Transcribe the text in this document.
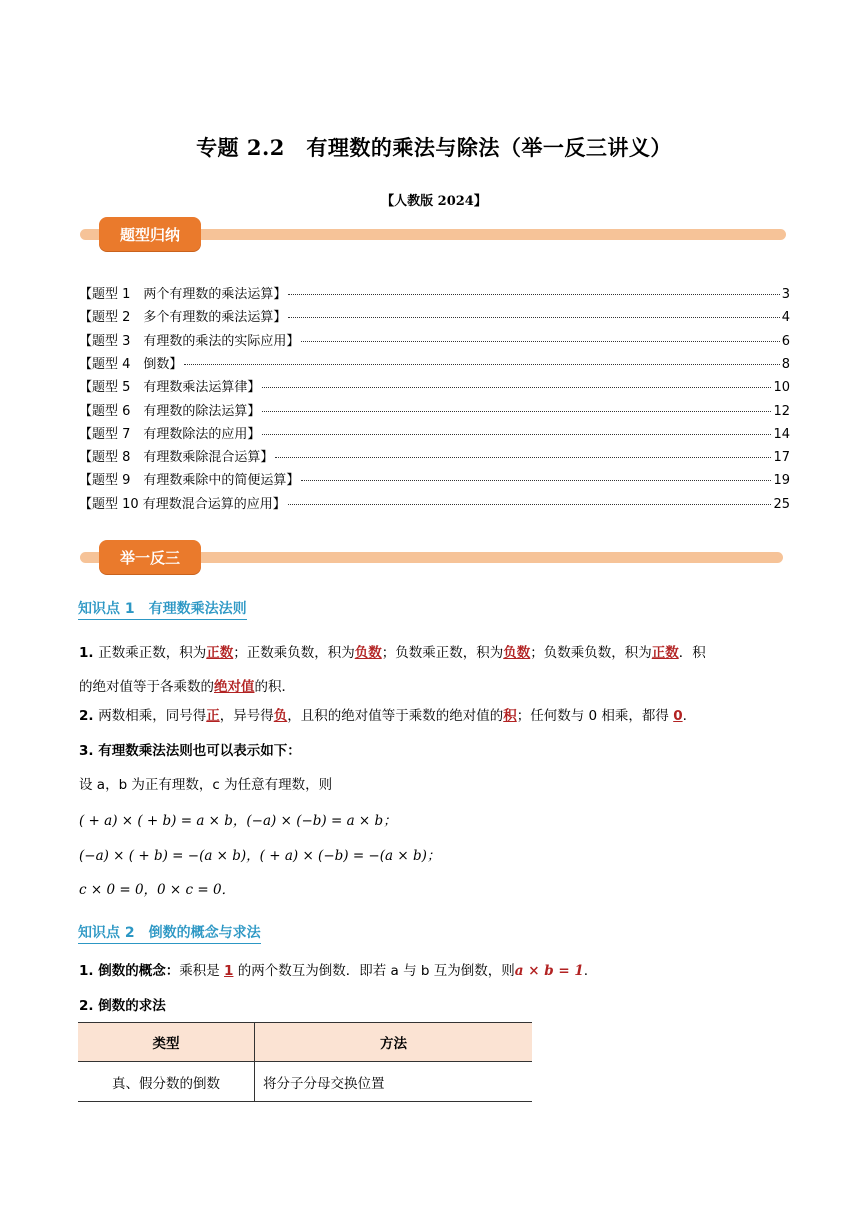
专题 2.2　有理数的乘法与除法（举一反三讲义）
【人教版 2024】
题型归纳
【题型 1　两个有理数的乘法运算】	3
【题型 2　多个有理数的乘法运算】	4
【题型 3　有理数的乘法的实际应用】	6
【题型 4　倒数】	8
【题型 5　有理数乘法运算律】	10
【题型 6　有理数的除法运算】	12
【题型 7　有理数除法的应用】	14
【题型 8　有理数乘除混合运算】	17
【题型 9　有理数乘除中的简便运算】	19
【题型 10 有理数混合运算的应用】	25
举一反三
知识点 1　有理数乘法法则
1. 正数乘正数，积为正数；正数乘负数，积为负数；负数乘正数，积为负数；负数乘负数，积为正数．积
的绝对值等于各乘数的绝对值的积．
2. 两数相乘，同号得正，异号得负，且积的绝对值等于乘数的绝对值的积；任何数与 0 相乘，都得 0.
3. 有理数乘法法则也可以表示如下：
设 a，b 为正有理数，c 为任意有理数，则
( + a) × ( + b) = a × b，(−a) × (−b) = a × b；
(−a) × ( + b) = −(a × b)，( + a) × (−b) = −(a × b)；
c × 0 = 0，0 × c = 0．
知识点 2　倒数的概念与求法
1. 倒数的概念：乘积是 1 的两个数互为倒数．即若 a 与 b 互为倒数，则a × b = 1.
2. 倒数的求法
类型	方法
真、假分数的倒数	将分子分母交换位置
